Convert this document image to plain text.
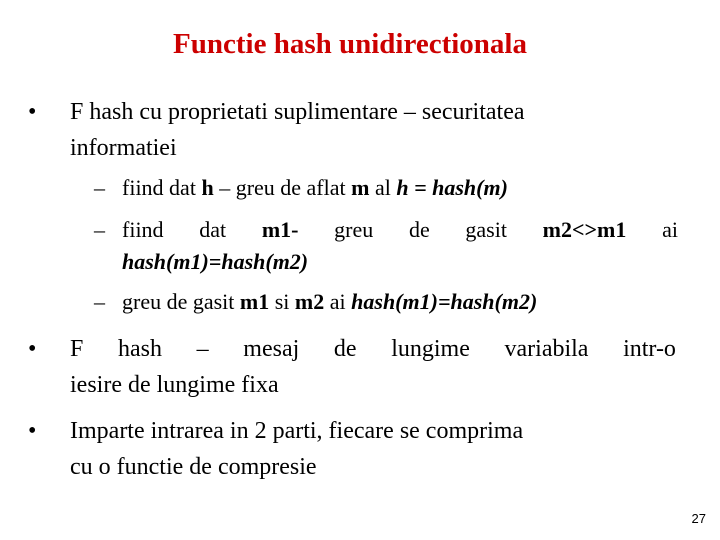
Functie hash unidirectionala
•	F hash cu proprietati suplimentare – securitatea
informatiei
– fiind dat h – greu de aflat m al h = hash(m)
– fiind dat m1- greu de gasit m2<>m1 ai
hash(m1)=hash(m2)
– greu de gasit m1 si m2 ai hash(m1)=hash(m2)
•	F hash – mesaj de lungime variabila intr-o
iesire de lungime fixa
•	Imparte intrarea in 2 parti, fiecare se comprima
cu o functie de compresie
27
